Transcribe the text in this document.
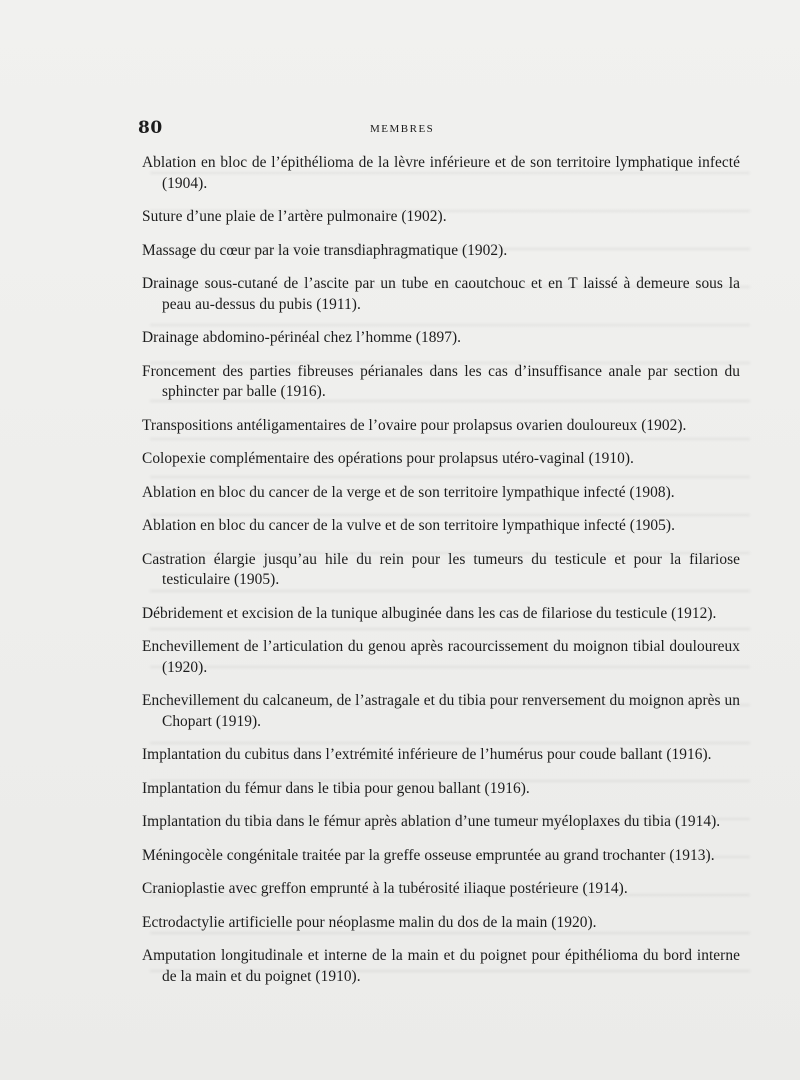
80	MEMBRES
Ablation en bloc de l’épithélioma de la lèvre inférieure et de son territoire lymphatique infecté (1904).
Suture d’une plaie de l’artère pulmonaire (1902).
Massage du cœur par la voie transdiaphragmatique (1902).
Drainage sous-cutané de l’ascite par un tube en caoutchouc et en T laissé à demeure sous la peau au-dessus du pubis (1911).
Drainage abdomino-périnéal chez l’homme (1897).
Froncement des parties fibreuses périanales dans les cas d’insuffisance anale par section du sphincter par balle (1916).
Transpositions antéligamentaires de l’ovaire pour prolapsus ovarien douloureux (1902).
Colopexie complémentaire des opérations pour prolapsus utéro-vaginal (1910).
Ablation en bloc du cancer de la verge et de son territoire lympathique infecté (1908).
Ablation en bloc du cancer de la vulve et de son territoire lympathique infecté (1905).
Castration élargie jusqu’au hile du rein pour les tumeurs du testicule et pour la filariose testiculaire (1905).
Débridement et excision de la tunique albuginée dans les cas de filariose du testicule (1912).
Enchevillement de l’articulation du genou après racourcissement du moignon tibial douloureux (1920).
Enchevillement du calcaneum, de l’astragale et du tibia pour renversement du moignon après un Chopart (1919).
Implantation du cubitus dans l’extrémité inférieure de l’humérus pour coude ballant (1916).
Implantation du fémur dans le tibia pour genou ballant (1916).
Implantation du tibia dans le fémur après ablation d’une tumeur myéloplaxes du tibia (1914).
Méningocèle congénitale traitée par la greffe osseuse empruntée au grand trochanter (1913).
Cranioplastie avec greffon emprunté à la tubérosité iliaque postérieure (1914).
Ectrodactylie artificielle pour néoplasme malin du dos de la main (1920).
Amputation longitudinale et interne de la main et du poignet pour épithélioma du bord interne de la main et du poignet (1910).
